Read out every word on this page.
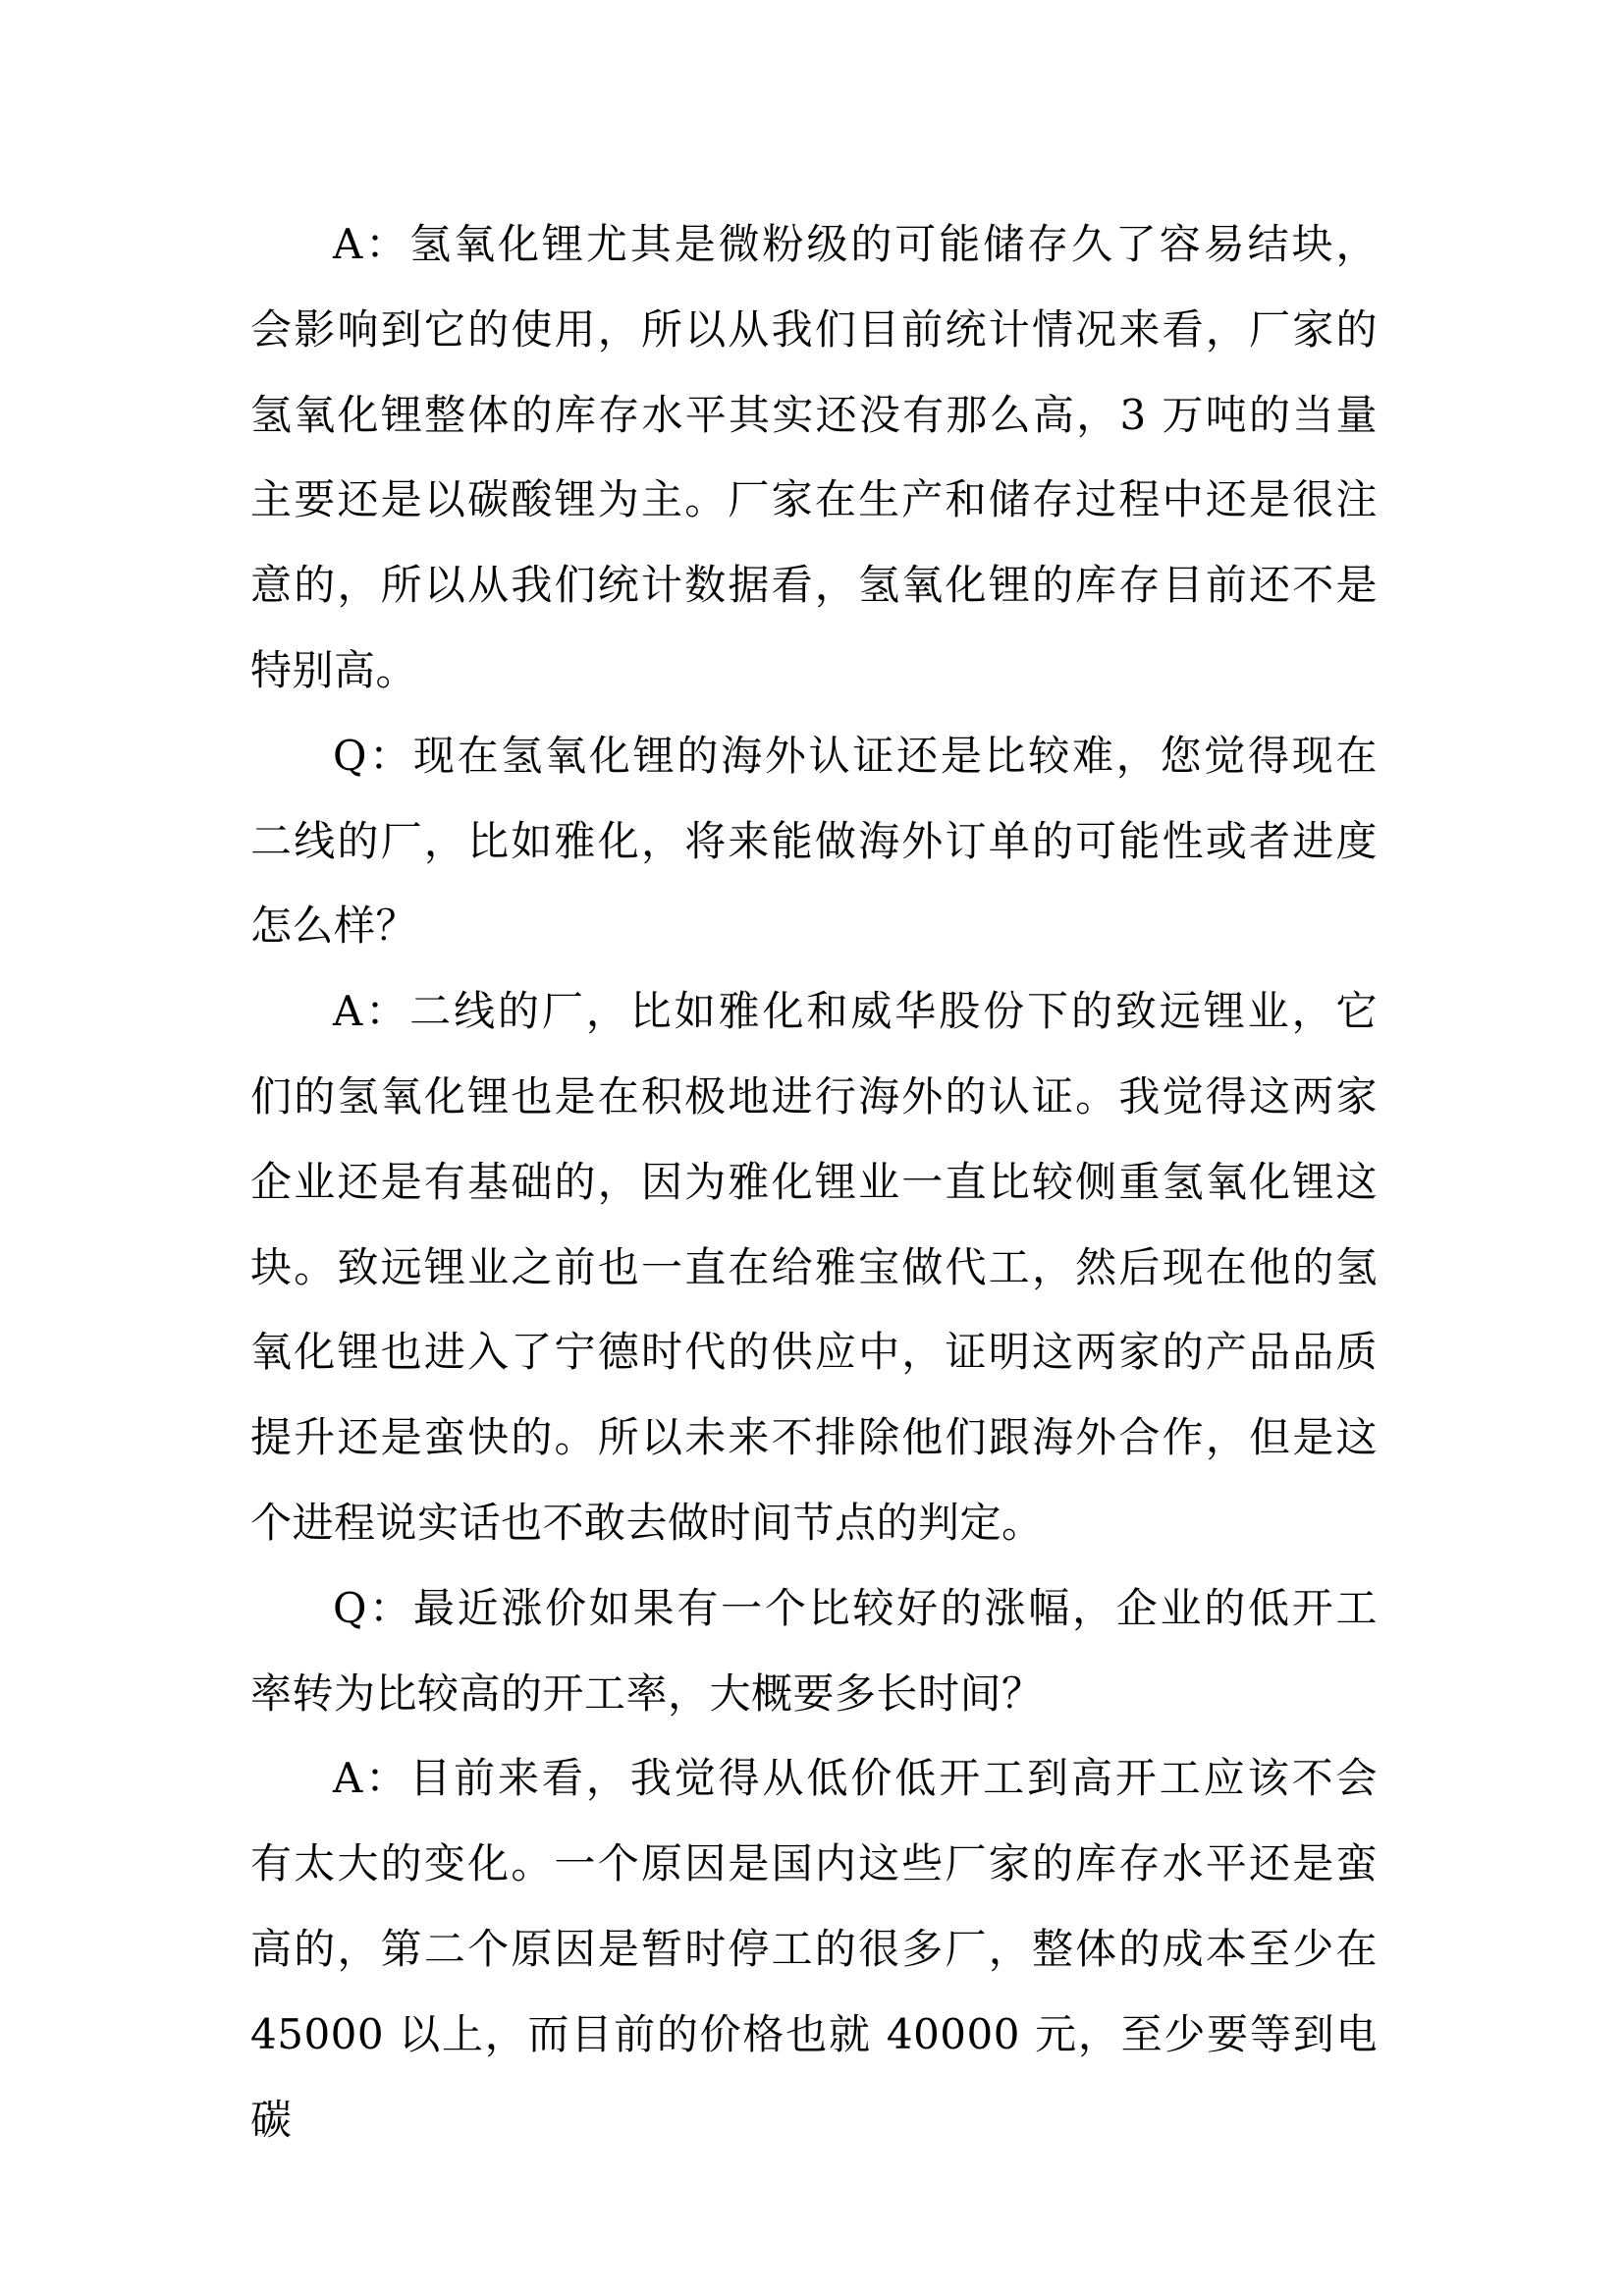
A：氢氧化锂尤其是微粉级的可能储存久了容易结块，
会影响到它的使用，所以从我们目前统计情况来看，厂家的
氢氧化锂整体的库存水平其实还没有那么高，3 万吨的当量
主要还是以碳酸锂为主。厂家在生产和储存过程中还是很注
意的，所以从我们统计数据看，氢氧化锂的库存目前还不是
特别高。
Q：现在氢氧化锂的海外认证还是比较难，您觉得现在
二线的厂，比如雅化，将来能做海外订单的可能性或者进度
怎么样？
A：二线的厂，比如雅化和威华股份下的致远锂业，它
们的氢氧化锂也是在积极地进行海外的认证。我觉得这两家
企业还是有基础的，因为雅化锂业一直比较侧重氢氧化锂这
块。致远锂业之前也一直在给雅宝做代工，然后现在他的氢
氧化锂也进入了宁德时代的供应中，证明这两家的产品品质
提升还是蛮快的。所以未来不排除他们跟海外合作，但是这
个进程说实话也不敢去做时间节点的判定。
Q：最近涨价如果有一个比较好的涨幅，企业的低开工
率转为比较高的开工率，大概要多长时间？
A：目前来看，我觉得从低价低开工到高开工应该不会
有太大的变化。一个原因是国内这些厂家的库存水平还是蛮
高的，第二个原因是暂时停工的很多厂，整体的成本至少在
45000 以上，而目前的价格也就 40000 元，至少要等到电碳
